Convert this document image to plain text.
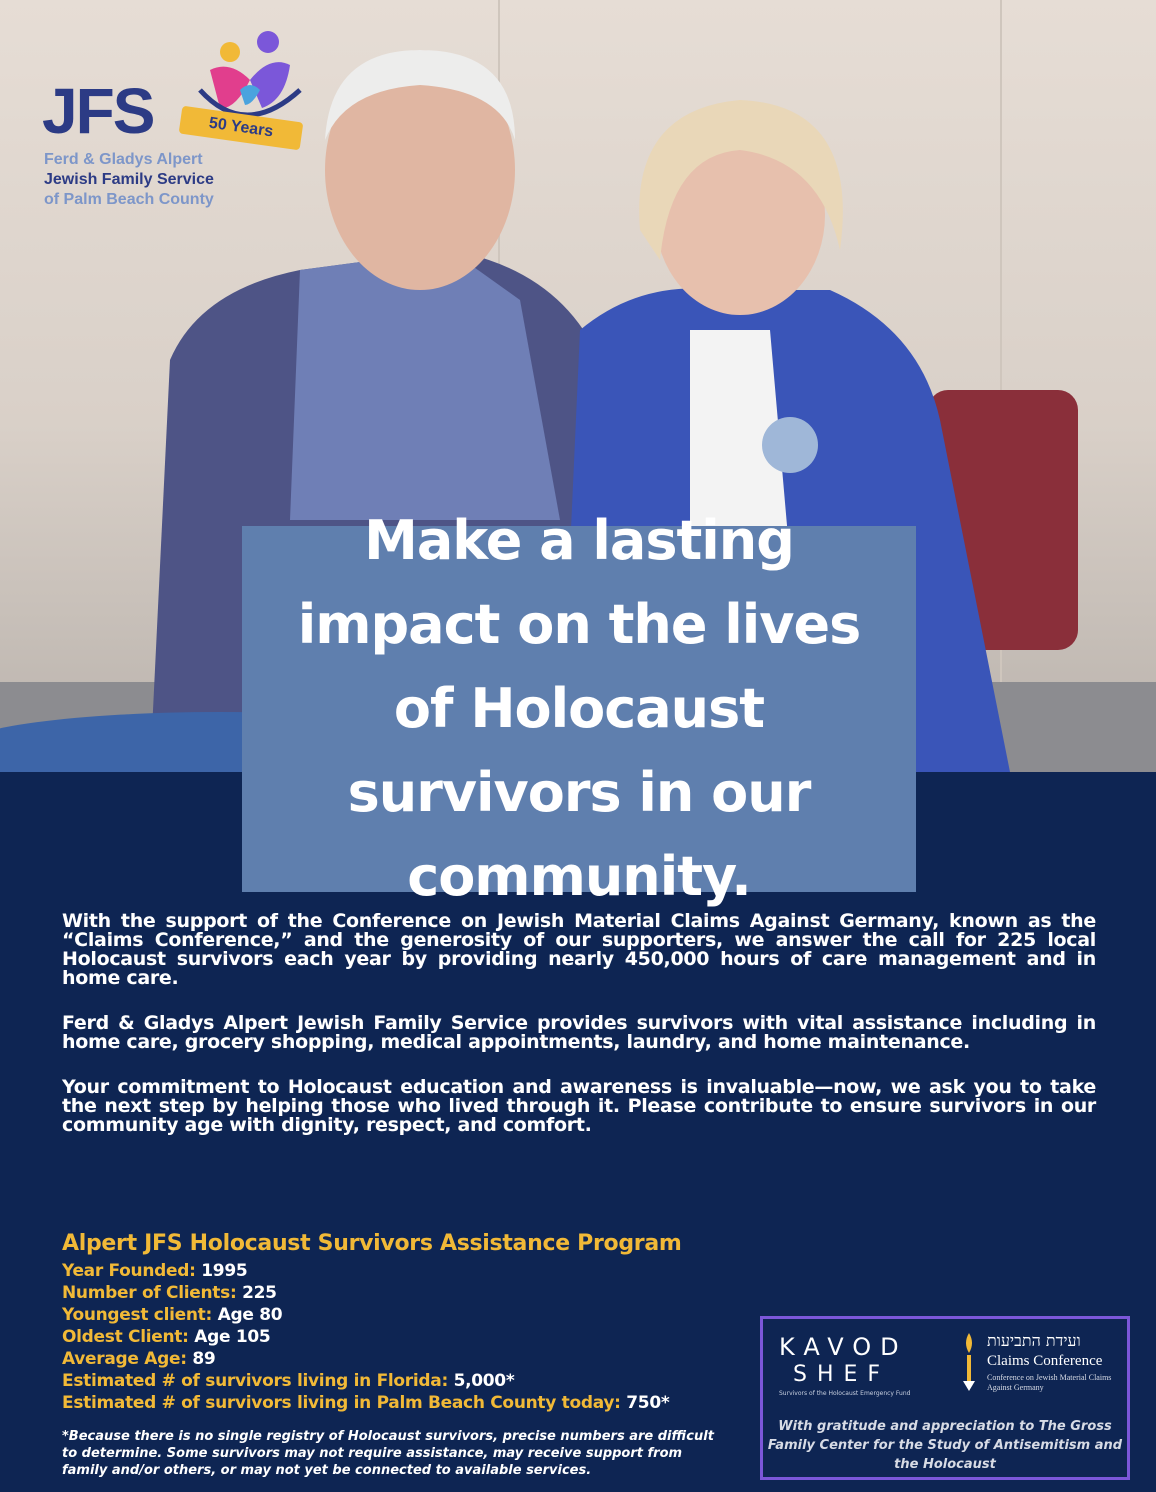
JFS	50 Years
Ferd & Gladys Alpert
Jewish Family Service
of Palm Beach County
Make a lasting impact on the lives of Holocaust survivors in our community.

With the support of the Conference on Jewish Material Claims Against Germany, known as the “Claims Conference,” and the generosity of our supporters, we answer the call for 225 local Holocaust survivors each year by providing nearly 450,000 hours of care management and in home care.

Ferd & Gladys Alpert Jewish Family Service provides survivors with vital assistance including in home care, grocery shopping, medical appointments, laundry, and home maintenance.

Your commitment to Holocaust education and awareness is invaluable—now, we ask you to take the next step by helping those who lived through it. Please contribute to ensure survivors in our community age with dignity, respect, and comfort.

Alpert JFS Holocaust Survivors Assistance Program
Year Founded: 1995
Number of Clients: 225
Youngest client: Age 80
Oldest Client: Age 105
Average Age: 89
Estimated # of survivors living in Florida: 5,000*
Estimated # of survivors living in Palm Beach County today: 750*

*Because there is no single registry of Holocaust survivors, precise numbers are difficult to determine. Some survivors may not require assistance, may receive support from family and/or others, or may not yet be connected to available services.

KAVOD
SHEF
Survivors of the Holocaust Emergency Fund
ועידת התביעות
Claims Conference
Conference on Jewish Material Claims Against Germany
With gratitude and appreciation to The Gross Family Center for the Study of Antisemitism and the Holocaust
